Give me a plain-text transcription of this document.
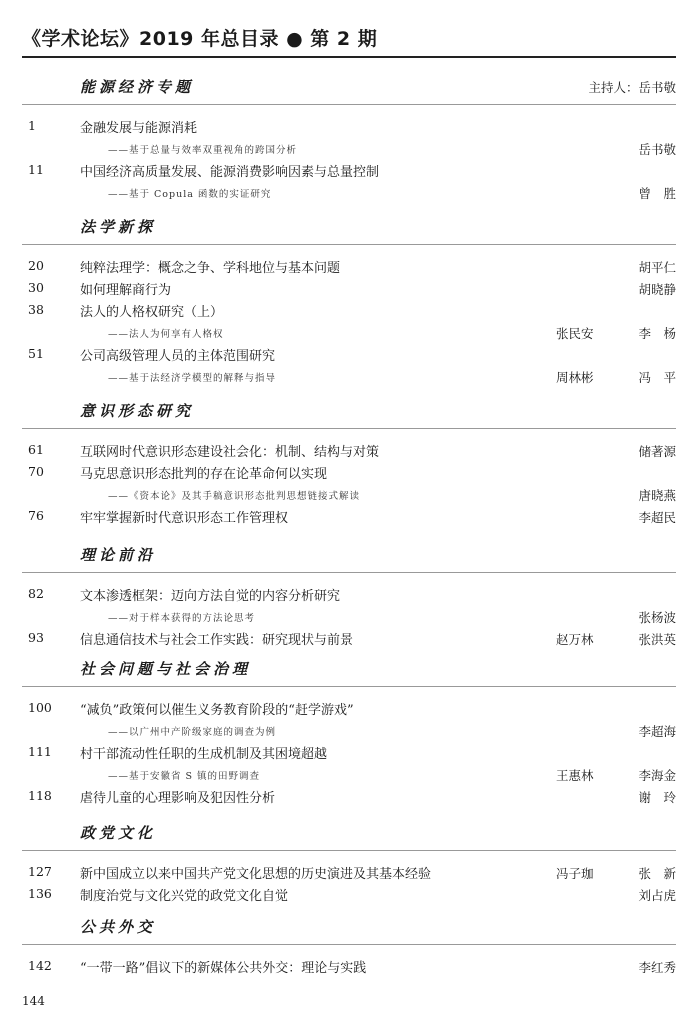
《学术论坛》2019 年总目录 ● 第 2 期
能源经济专题	主持人：岳书敬
1	金融发展与能源消耗
——基于总量与效率双重视角的跨国分析	岳书敬
11	中国经济高质量发展、能源消费影响因素与总量控制
——基于 Copula 函数的实证研究	曾　胜
法学新探
20	纯粹法理学：概念之争、学科地位与基本问题	胡平仁
30	如何理解商行为	胡晓静
38	法人的人格权研究（上）
——法人为何享有人格权	张民安	李　杨
51	公司高级管理人员的主体范围研究
——基于法经济学模型的解释与指导	周林彬	冯　平
意识形态研究
61	互联网时代意识形态建设社会化：机制、结构与对策	储著源
70	马克思意识形态批判的存在论革命何以实现
——《资本论》及其手稿意识形态批判思想链接式解读	唐晓燕
76	牢牢掌握新时代意识形态工作管理权	李超民
理论前沿
82	文本渗透框架：迈向方法自觉的内容分析研究
——对于样本获得的方法论思考	张杨波
93	信息通信技术与社会工作实践：研究现状与前景	赵万林	张洪英
社会问题与社会治理
100 “减负”政策何以催生义务教育阶段的“赶学游戏”
——以广州中产阶级家庭的调查为例	李超海
111 村干部流动性任职的生成机制及其困境超越
——基于安徽省 S 镇的田野调查	王惠林	李海金
118 虐待儿童的心理影响及犯因性分析	谢　玲
政党文化
127 新中国成立以来中国共产党文化思想的历史演进及其基本经验	冯子珈	张　新
136 制度治党与文化兴党的政党文化自觉	刘占虎
公共外交
142 “一带一路”倡议下的新媒体公共外交：理论与实践	李红秀
144
